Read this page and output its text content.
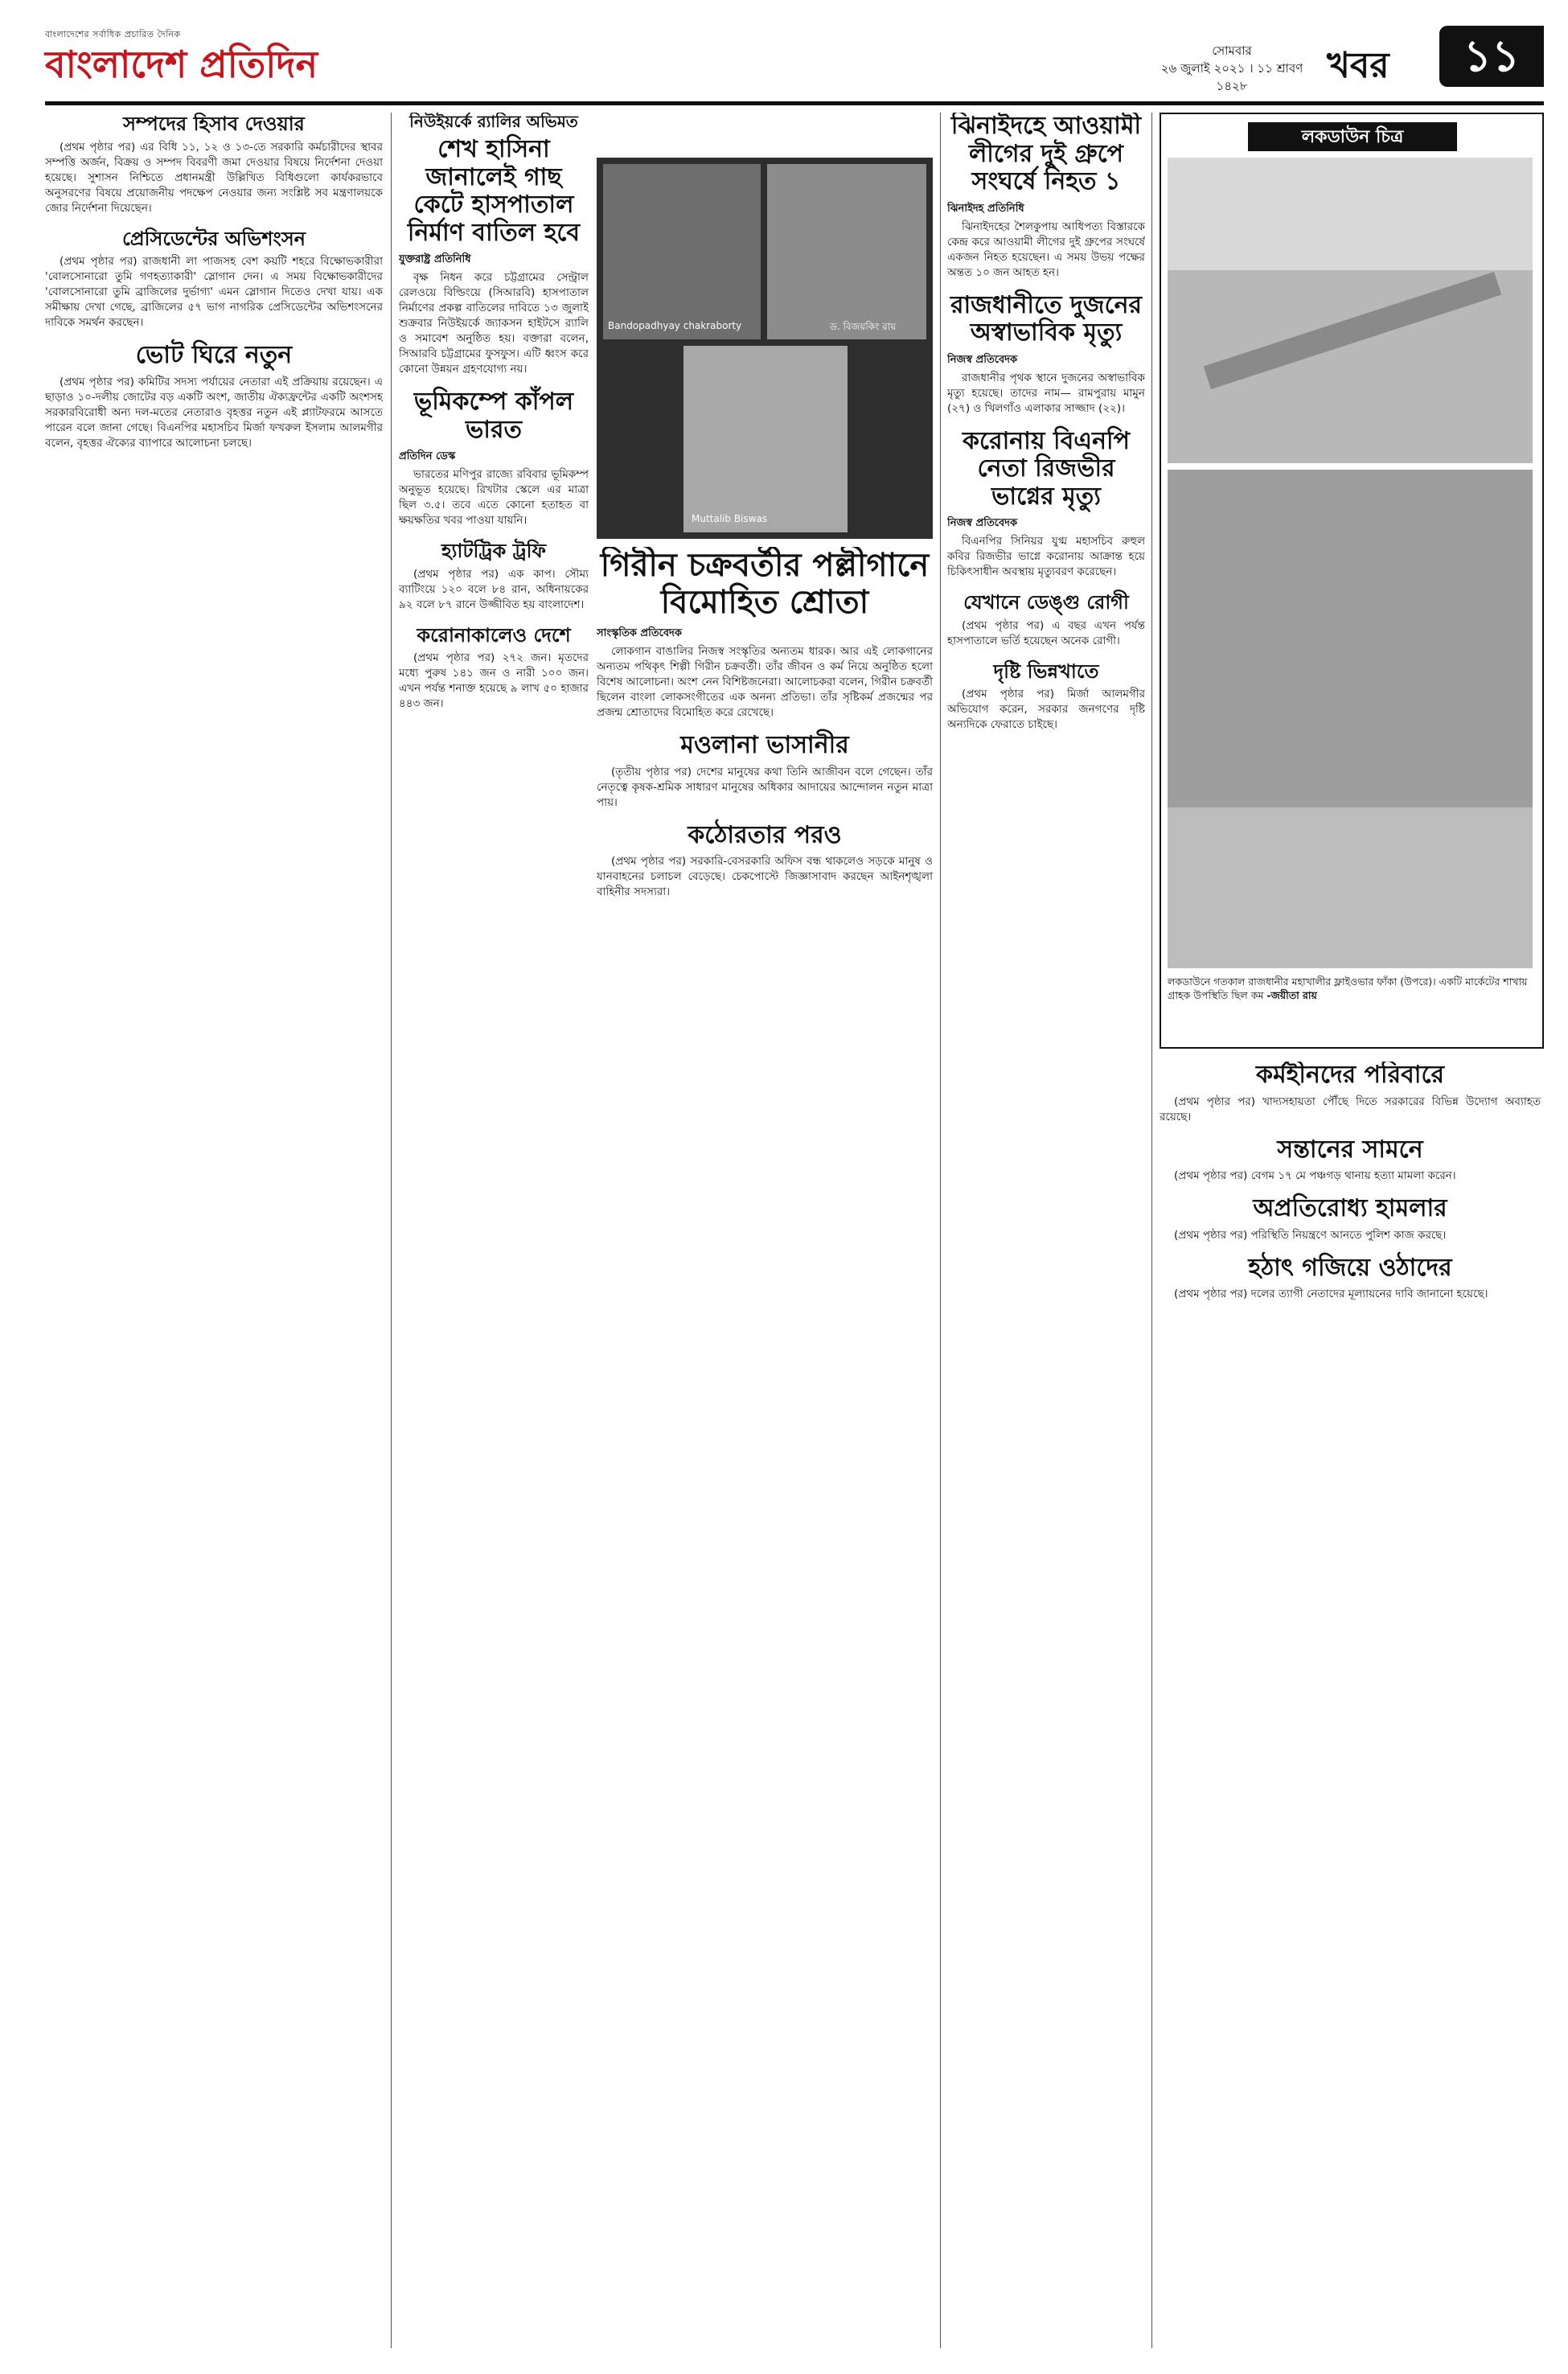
বাংলাদেশের সর্বাধিক প্রচারিত দৈনিক
বাংলাদেশ প্রতিদিন	সোমবার
২৬ জুলাই ২০২১ । ১১ শ্রাবণ ১৪২৮	খবর	১১
সম্পদের হিসাব দেওয়ার

(প্রথম পৃষ্ঠার পর) এর বিধি ১১, ১২ ও ১৩-তে সরকারি কর্মচারীদের স্থাবর সম্পত্তি অর্জন, বিক্রয় ও সম্পদ বিবরণী জমা দেওয়ার বিষয়ে নির্দেশনা দেওয়া হয়েছে। সুশাসন নিশ্চিতে প্রধানমন্ত্রী উল্লিখিত বিধিগুলো কার্যকরভাবে অনুসরণের বিষয়ে প্রয়োজনীয় পদক্ষেপ নেওয়ার জন্য সংশ্লিষ্ট সব মন্ত্রণালয়কে জোর নির্দেশনা দিয়েছেন।

প্রেসিডেন্টের অভিশংসন

(প্রথম পৃষ্ঠার পর) রাজধানী লা পাজসহ বেশ কয়টি শহরে বিক্ষোভকারীরা 'বোলসোনারো তুমি গণহত্যাকারী' স্লোগান দেন। এ সময় বিক্ষোভকারীদের 'বোলসোনারো তুমি ব্রাজিলের দুর্ভাগ্য' এমন স্লোগান দিতেও দেখা যায়। এক সমীক্ষায় দেখা গেছে, ব্রাজিলের ৫৭ ভাগ নাগরিক প্রেসিডেন্টের অভিশংসনের দাবিকে সমর্থন করছেন।

ভোট ঘিরে নতুন

(প্রথম পৃষ্ঠার পর) কমিটির সদস্য পর্যায়ের নেতারা এই প্রক্রিয়ায় রয়েছেন। এ ছাড়াও ১০-দলীয় জোটের বড় একটি অংশ, জাতীয় ঐক্যফ্রন্টের একটি অংশসহ সরকারবিরোধী অন্য দল-মতের নেতারাও বৃহত্তর নতুন এই প্ল্যাটফরমে আসতে পারেন বলে জানা গেছে। বিএনপির মহাসচিব মির্জা ফখরুল ইসলাম আলমগীর বলেন, বৃহত্তর ঐক্যের ব্যাপারে আলোচনা চলছে।

নিউইয়র্কে র‍্যালির অভিমত
শেখ হাসিনা জানালেই গাছ কেটে হাসপাতাল নির্মাণ বাতিল হবে
যুক্তরাষ্ট্র প্রতিনিধি

বৃক্ষ নিধন করে চট্টগ্রামের সেন্ট্রাল রেলওয়ে বিল্ডিংয়ে (সিআরবি) হাসপাতাল নির্মাণের প্রকল্প বাতিলের দাবিতে ১৩ জুলাই শুক্রবার নিউইয়র্কে জ্যাকসন হাইটসে র‍্যালি ও সমাবেশ অনুষ্ঠিত হয়। বক্তারা বলেন, সিআরবি চট্টগ্রামের ফুসফুস। এটি ধ্বংস করে কোনো উন্নয়ন গ্রহণযোগ্য নয়।

ভূমিকম্পে কাঁপল ভারত
প্রতিদিন ডেস্ক

ভারতের মণিপুর রাজ্যে রবিবার ভূমিকম্প অনুভূত হয়েছে। রিখটার স্কেলে এর মাত্রা ছিল ৩.৫। তবে এতে কোনো হতাহত বা ক্ষয়ক্ষতির খবর পাওয়া যায়নি।

হ্যাটট্রিক ট্রফি

(প্রথম পৃষ্ঠার পর) এক কাপ। সৌম্য ব্যাটিংয়ে ১২০ বলে ৮৪ রান, অধিনায়কের ৯২ বলে ৮৭ রানে উজ্জীবিত হয় বাংলাদেশ।

করোনাকালেও দেশে

(প্রথম পৃষ্ঠার পর) ২৭২ জন। মৃতদের মধ্যে পুরুষ ১৪১ জন ও নারী ১০০ জন। এখন পর্যন্ত শনাক্ত হয়েছে ৯ লাখ ৫০ হাজার ৪৪৩ জন।

Bandopadhyay chakraborty	ড. বিজয়কিং রায়
Muttalib Biswas
গিরীন চক্রবর্তীর পল্লীগানে বিমোহিত শ্রোতা
সাংস্কৃতিক প্রতিবেদক

লোকগান বাঙালির নিজস্ব সংস্কৃতির অন্যতম ধারক। আর এই লোকগানের অন্যতম পথিকৃৎ শিল্পী গিরীন চক্রবর্তী। তাঁর জীবন ও কর্ম নিয়ে অনুষ্ঠিত হলো বিশেষ আলোচনা। অংশ নেন বিশিষ্টজনেরা। আলোচকরা বলেন, গিরীন চক্রবর্তী ছিলেন বাংলা লোকসংগীতের এক অনন্য প্রতিভা। তাঁর সৃষ্টিকর্ম প্রজন্মের পর প্রজন্ম শ্রোতাদের বিমোহিত করে রেখেছে।

মওলানা ভাসানীর

(তৃতীয় পৃষ্ঠার পর) দেশের মানুষের কথা তিনি আজীবন বলে গেছেন। তাঁর নেতৃত্বে কৃষক-শ্রমিক সাধারণ মানুষের অধিকার আদায়ের আন্দোলন নতুন মাত্রা পায়।

কঠোরতার পরও

(প্রথম পৃষ্ঠার পর) সরকারি-বেসরকারি অফিস বন্ধ থাকলেও সড়কে মানুষ ও যানবাহনের চলাচল বেড়েছে। চেকপোস্টে জিজ্ঞাসাবাদ করছেন আইনশৃঙ্খলা বাহিনীর সদস্যরা।

ঝিনাইদহে আওয়ামী লীগের দুই গ্রুপে সংঘর্ষে নিহত ১
ঝিনাইদহ প্রতিনিধি

ঝিনাইদহের শৈলকুপায় আধিপত্য বিস্তারকে কেন্দ্র করে আওয়ামী লীগের দুই গ্রুপের সংঘর্ষে একজন নিহত হয়েছেন। এ সময় উভয় পক্ষের অন্তত ১০ জন আহত হন।

রাজধানীতে দুজনের অস্বাভাবিক মৃত্যু
নিজস্ব প্রতিবেদক

রাজধানীর পৃথক স্থানে দুজনের অস্বাভাবিক মৃত্যু হয়েছে। তাদের নাম— রামপুরায় মামুন (২৭) ও খিলগাঁও এলাকার সাজ্জাদ (২২)।

করোনায় বিএনপি নেতা রিজভীর ভাগ্নের মৃত্যু
নিজস্ব প্রতিবেদক

বিএনপির সিনিয়র যুগ্ম মহাসচিব রুহুল কবির রিজভীর ভাগ্নে করোনায় আক্রান্ত হয়ে চিকিৎসাধীন অবস্থায় মৃত্যুবরণ করেছেন।

যেখানে ডেঙ্গু রোগী

(প্রথম পৃষ্ঠার পর) এ বছর এখন পর্যন্ত হাসপাতালে ভর্তি হয়েছেন অনেক রোগী।

দৃষ্টি ভিন্নখাতে

(প্রথম পৃষ্ঠার পর) মির্জা আলমগীর অভিযোগ করেন, সরকার জনগণের দৃষ্টি অন্যদিকে ফেরাতে চাইছে।

লকডাউন চিত্র
লকডাউনে গতকাল রাজধানীর মহাখালীর ফ্লাইওভার ফাঁকা (উপরে)। একটি মার্কেটের শাখায় গ্রাহক উপস্থিতি ছিল কম -জয়ীতা রায়
কর্মহীনদের পরিবারে

(প্রথম পৃষ্ঠার পর) খাদ্যসহায়তা পৌঁছে দিতে সরকারের বিভিন্ন উদ্যোগ অব্যাহত রয়েছে।

সন্তানের সামনে

(প্রথম পৃষ্ঠার পর) বেগম ১৭ মে পঞ্চগড় থানায় হত্যা মামলা করেন।

অপ্রতিরোধ্য হামলার

(প্রথম পৃষ্ঠার পর) পরিস্থিতি নিয়ন্ত্রণে আনতে পুলিশ কাজ করছে।

হঠাৎ গজিয়ে ওঠাদের

(প্রথম পৃষ্ঠার পর) দলের ত্যাগী নেতাদের মূল্যায়নের দাবি জানানো হয়েছে।
